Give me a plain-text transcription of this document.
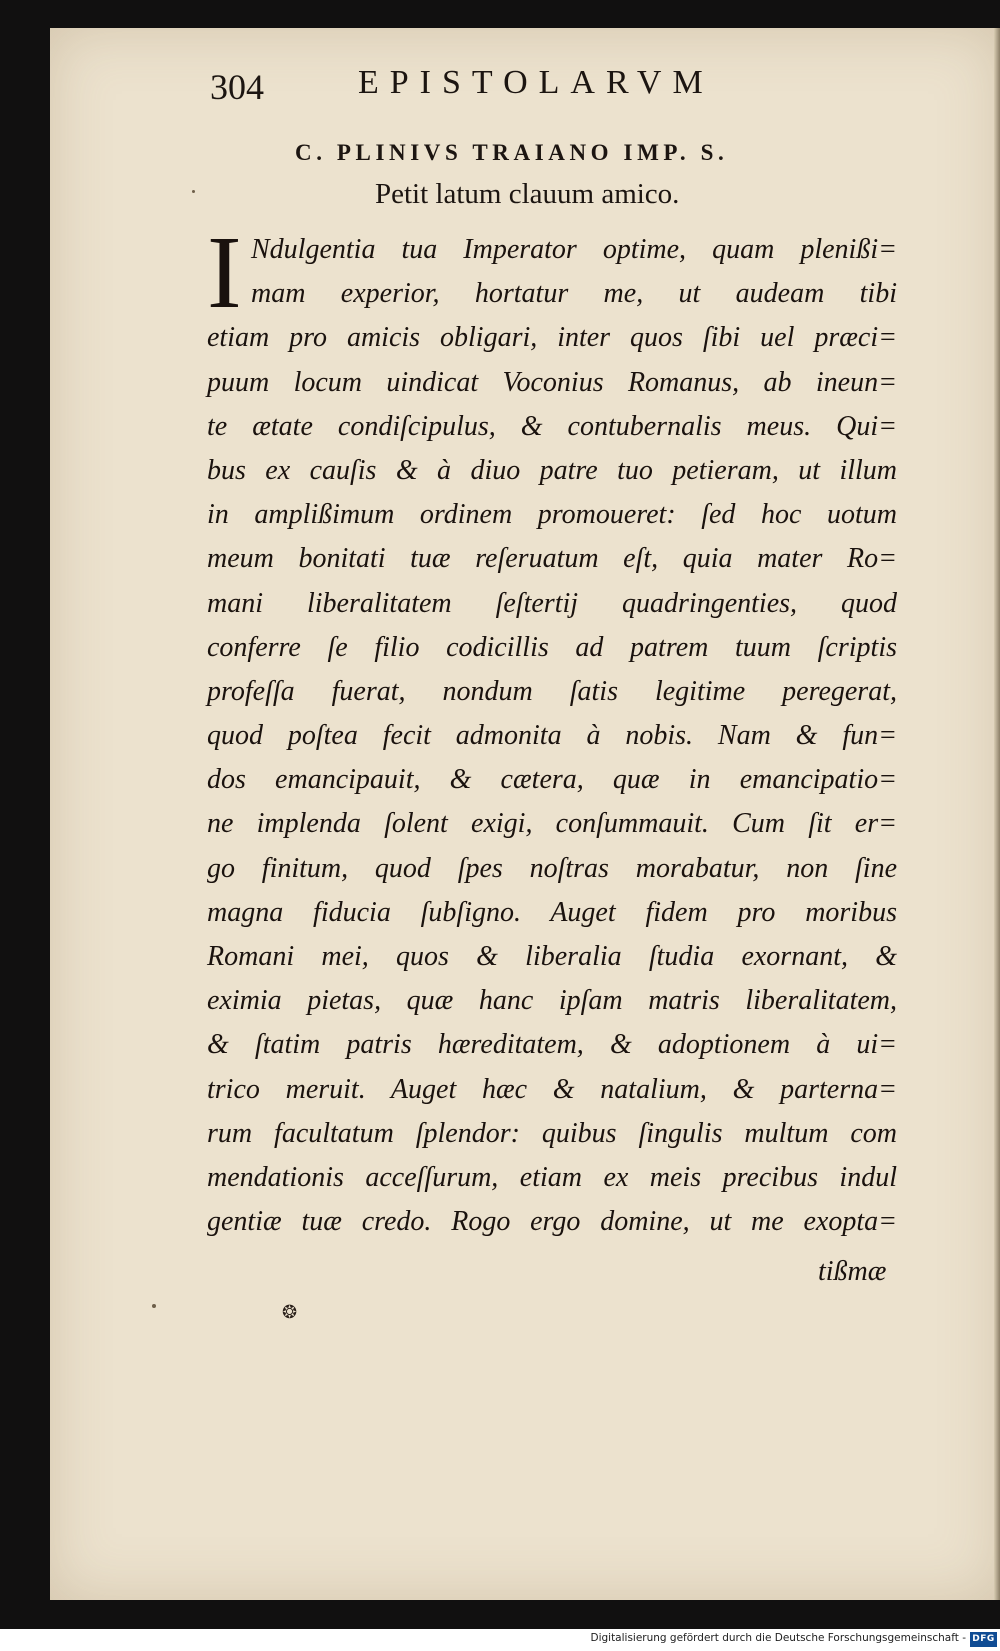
304	EPISTOLARVM
C. PLINIVS TRAIANO IMP. S.
Petit latum clauum amico.
I Ndulgentia tua Imperator optime, quam plenißi=
mam experior, hortatur me, ut audeam tibi
etiam pro amicis obligari, inter quos ſibi uel præci=
puum locum uindicat Voconius Romanus, ab ineun=
te ætate condiſcipulus, & contubernalis meus. Qui=
bus ex cauſis & à diuo patre tuo petieram, ut illum
in amplißimum ordinem promoueret: ſed hoc uotum
meum bonitati tuæ reſeruatum eſt, quia mater Ro=
mani liberalitatem ſeſtertij quadringenties, quod
conferre ſe filio codicillis ad patrem tuum ſcriptis
profeſſa fuerat, nondum ſatis legitime peregerat,
quod poſtea fecit admonita à nobis. Nam & fun=
dos emancipauit, & cætera, quæ in emancipatio=
ne implenda ſolent exigi, conſummauit. Cum ſit er=
go finitum, quod ſpes noſtras morabatur, non ſine
magna fiducia ſubſigno. Auget fidem pro moribus
Romani mei, quos & liberalia ſtudia exornant, &
eximia pietas, quæ hanc ipſam matris liberalitatem,
& ſtatim patris hæreditatem, & adoptionem à ui=
trico meruit. Auget hæc & natalium, & parterna=
rum facultatum ſplendor: quibus ſingulis multum com
mendationis acceſſurum, etiam ex meis precibus indul
gentiæ tuæ credo. Rogo ergo domine, ut me exopta=
tißmæ
❂
Digitalisierung gefördert durch die Deutsche Forschungsgemeinschaft - DFG
